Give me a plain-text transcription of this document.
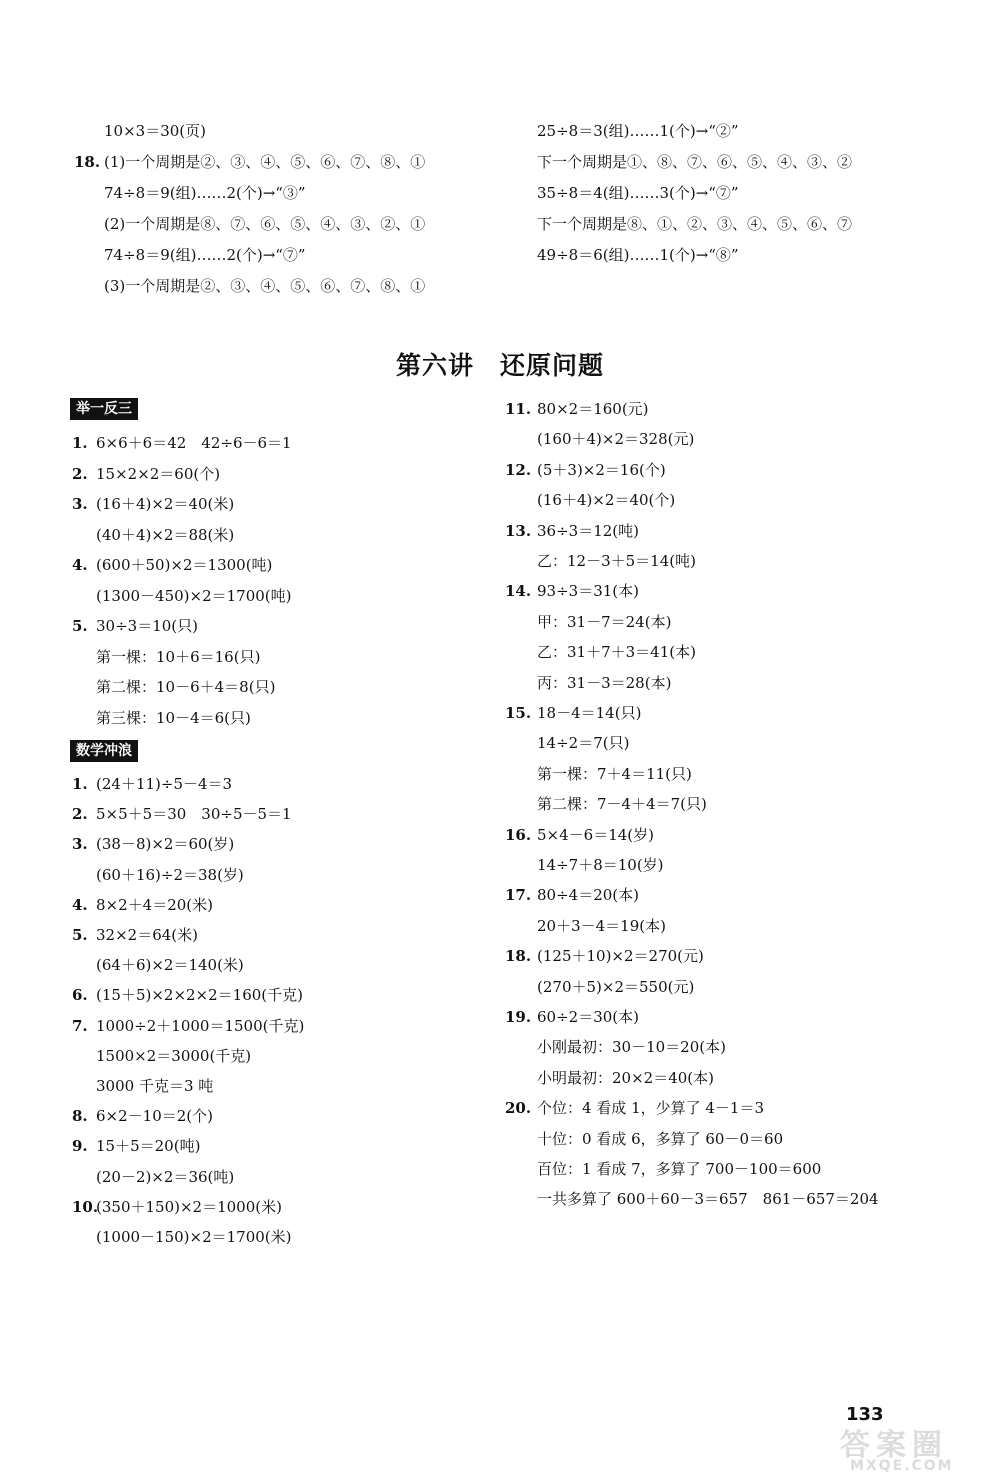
10×3＝30(页)
18. (1)一个周期是②、③、④、⑤、⑥、⑦、⑧、①
74÷8＝9(组)……2(个)→“③”
(2)一个周期是⑧、⑦、⑥、⑤、④、③、②、①
74÷8＝9(组)……2(个)→“⑦”
(3)一个周期是②、③、④、⑤、⑥、⑦、⑧、①
25÷8＝3(组)……1(个)→“②”
下一个周期是①、⑧、⑦、⑥、⑤、④、③、②
35÷8＝4(组)……3(个)→“⑦”
下一个周期是⑧、①、②、③、④、⑤、⑥、⑦
49÷8＝6(组)……1(个)→“⑧”
第六讲　还原问题
举一反三
数学冲浪
1. 6×6＋6＝42　42÷6－6＝1
2. 15×2×2＝60(个)
3. (16＋4)×2＝40(米)
(40＋4)×2＝88(米)
4. (600＋50)×2＝1300(吨)
(1300－450)×2＝1700(吨)
5. 30÷3＝10(只)
第一棵：10＋6＝16(只)
第二棵：10－6＋4＝8(只)
第三棵：10－4＝6(只)
1. (24＋11)÷5－4＝3
2. 5×5＋5＝30　30÷5－5＝1
3. (38－8)×2＝60(岁)
(60＋16)÷2＝38(岁)
4. 8×2＋4＝20(米)
5. 32×2＝64(米)
(64＋6)×2＝140(米)
6. (15＋5)×2×2×2＝160(千克)
7. 1000÷2＋1000＝1500(千克)
1500×2＝3000(千克)
3000 千克＝3 吨
8. 6×2－10＝2(个)
9. 15＋5＝20(吨)
(20－2)×2＝36(吨)
10.
(350＋150)×2＝1000(米)
(1000－150)×2＝1700(米)
11. 80×2＝160(元)
(160＋4)×2＝328(元)
12. (5＋3)×2＝16(个)
(16＋4)×2＝40(个)
13. 36÷3＝12(吨)
乙：12－3＋5＝14(吨)
14. 93÷3＝31(本)
甲：31－7＝24(本)
乙：31＋7＋3＝41(本)
丙：31－3＝28(本)
15. 18－4＝14(只)
14÷2＝7(只)
第一棵：7＋4＝11(只)
第二棵：7－4＋4＝7(只)
16. 5×4－6＝14(岁)
14÷7＋8＝10(岁)
17. 80÷4＝20(本)
20＋3－4＝19(本)
18. (125＋10)×2＝270(元)
(270＋5)×2＝550(元)
19. 60÷2＝30(本)
小刚最初：30－10＝20(本)
小明最初：20×2＝40(本)
20. 个位：4 看成 1，少算了 4－1＝3
十位：0 看成 6，多算了 60－0＝60
百位：1 看成 7，多算了 700－100＝600
一共多算了 600＋60－3＝657　861－657＝204
133
答案圈
MXQE.COM
